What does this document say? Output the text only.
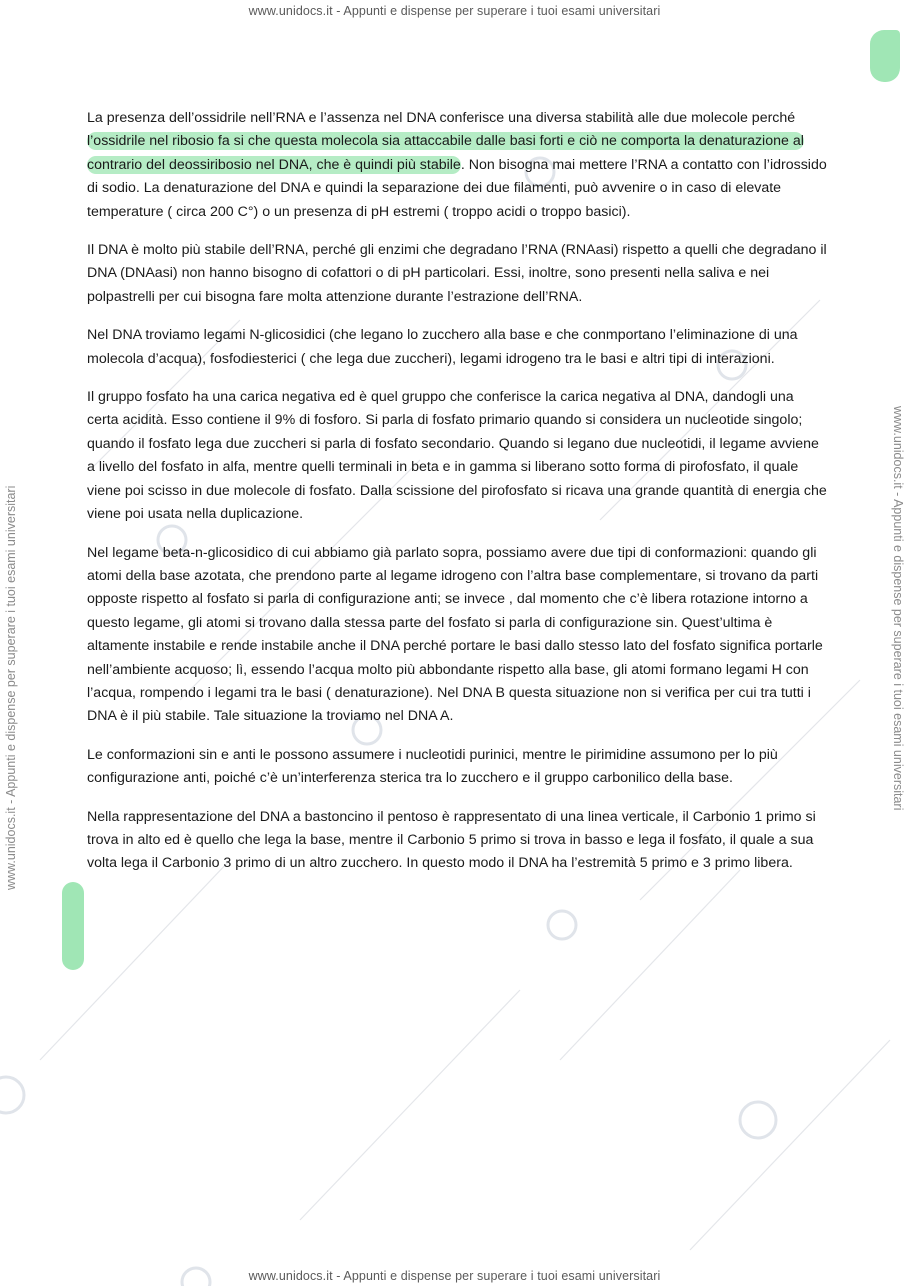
www.unidocs.it - Appunti e dispense per superare i tuoi esami universitari
www.unidocs.it - Appunti e dispense per superare i tuoi esami universitari	www.unidocs.it - Appunti e dispense per superare i tuoi esami universitari

La presenza dell’ossidrile nell’RNA e l’assenza nel DNA conferisce una diversa stabilità alle due molecole perché l’ossidrile nel ribosio fa si che questa molecola sia attaccabile dalle basi forti e ciò ne comporta la denaturazione al contrario del deossiribosio nel DNA, che è quindi più stabile. Non bisogna mai mettere l’RNA a contatto con l’idrossido di sodio. La denaturazione del DNA e quindi la separazione dei due filamenti, può avvenire o in caso di elevate temperature ( circa 200 C°) o un presenza di pH estremi ( troppo acidi o troppo basici).

Il DNA è molto più stabile dell’RNA, perché gli enzimi che degradano l’RNA (RNAasi) rispetto a quelli che degradano il DNA (DNAasi) non hanno bisogno di cofattori o di pH particolari. Essi, inoltre, sono presenti nella saliva e nei polpastrelli per cui bisogna fare molta attenzione durante l’estrazione dell’RNA.

Nel DNA troviamo legami N-glicosidici (che legano lo zucchero alla base e che conmportano l’eliminazione di una molecola d’acqua), fosfodiesterici ( che lega due zuccheri), legami idrogeno tra le basi e altri tipi di interazioni.

Il gruppo fosfato ha una carica negativa ed è quel gruppo che conferisce la carica negativa al DNA, dandogli una certa acidità. Esso contiene il 9% di fosforo. Si parla di fosfato primario quando si considera un nucleotide singolo; quando il fosfato lega due zuccheri si parla di fosfato secondario. Quando si legano due nucleotidi, il legame avviene a livello del fosfato in alfa, mentre quelli terminali in beta e in gamma si liberano sotto forma di pirofosfato, il quale viene poi scisso in due molecole di fosfato. Dalla scissione del pirofosfato si ricava una grande quantità di energia che viene poi usata nella duplicazione.

Nel legame beta-n-glicosidico di cui abbiamo già parlato sopra, possiamo avere due tipi di conformazioni: quando gli atomi della base azotata, che prendono parte al legame idrogeno con l’altra base complementare, si trovano da parti opposte rispetto al fosfato si parla di configurazione anti; se invece , dal momento che c’è libera rotazione intorno a questo legame, gli atomi si trovano dalla stessa parte del fosfato si parla di configurazione sin. Quest’ultima è altamente instabile e rende instabile anche il DNA perché portare le basi dallo stesso lato del fosfato significa portarle nell’ambiente acquoso; lì, essendo l’acqua molto più abbondante rispetto alla base, gli atomi formano legami H con l’acqua, rompendo i legami tra le basi ( denaturazione). Nel DNA B questa situazione non si verifica per cui tra tutti i DNA è il più stabile. Tale situazione la troviamo nel DNA A.

Le conformazioni sin e anti le possono assumere i nucleotidi purinici, mentre le pirimidine assumono per lo più configurazione anti, poiché c’è un’interferenza sterica tra lo zucchero e il gruppo carbonilico della base.

Nella rappresentazione del DNA a bastoncino il pentoso è rappresentato di una linea verticale, il Carbonio 1 primo si trova in alto ed è quello che lega la base, mentre il Carbonio 5 primo si trova in basso e lega il fosfato, il quale a sua volta lega il Carbonio 3 primo di un altro zucchero. In questo modo il DNA ha l’estremità 5 primo e 3 primo libera.

www.unidocs.it - Appunti e dispense per superare i tuoi esami universitari
